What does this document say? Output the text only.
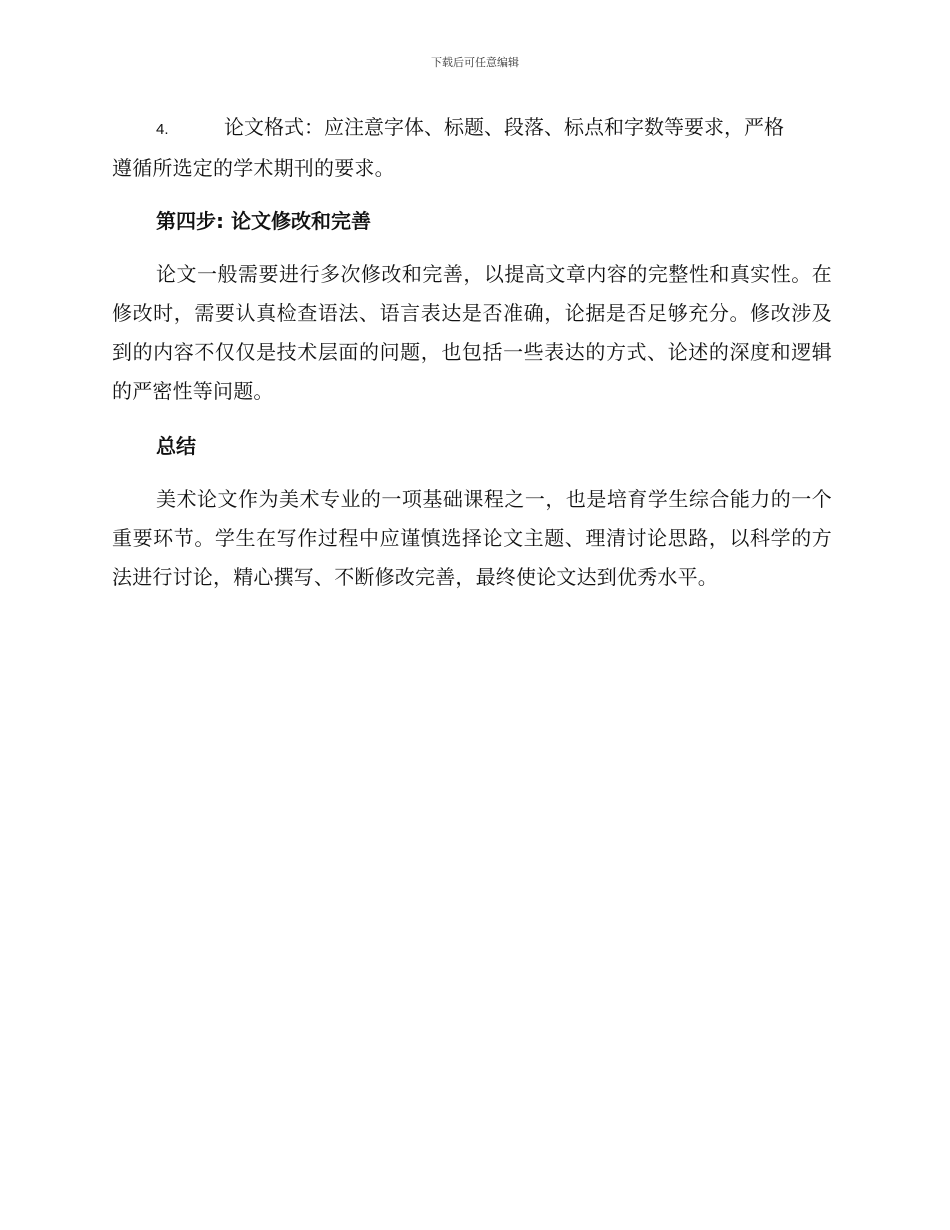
下载后可任意编辑

4.	论文格式：应注意字体、标题、段落、标点和字数等要求，严格

遵循所选定的学术期刊的要求。

第四步: 论文修改和完善

论文一般需要进行多次修改和完善，以提高文章内容的完整性和真实性。在修改时，需要认真检查语法、语言表达是否准确，论据是否足够充分。修改涉及到的内容不仅仅是技术层面的问题，也包括一些表达的方式、论述的深度和逻辑的严密性等问题。

总结

美术论文作为美术专业的一项基础课程之一，也是培育学生综合能力的一个重要环节。学生在写作过程中应谨慎选择论文主题、理清讨论思路，以科学的方法进行讨论，精心撰写、不断修改完善，最终使论文达到优秀水平。
